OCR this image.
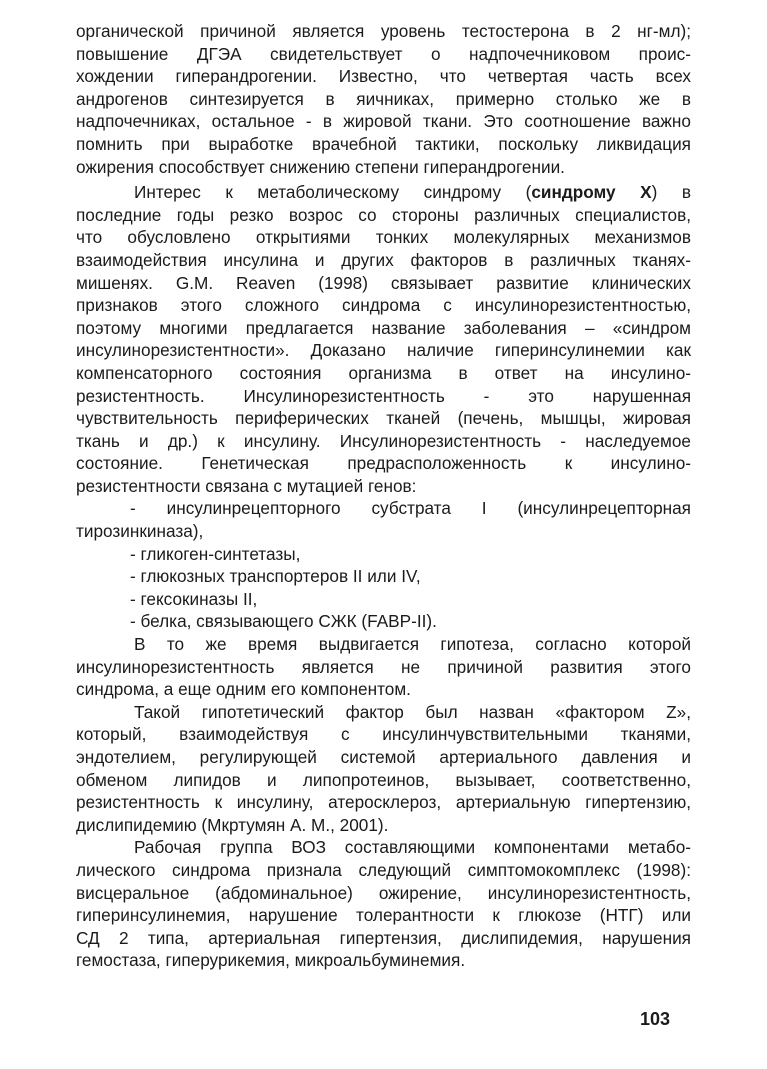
органической причиной является уровень тестостерона в 2 нг-мл);
повышение ДГЭА свидетельствует о надпочечниковом проис-
хождении гиперандрогении. Известно, что четвертая часть всех
андрогенов синтезируется в яичниках, примерно столько же в
надпочечниках, остальное - в жировой ткани. Это соотношение важно
помнить при выработке врачебной тактики, поскольку ликвидация
ожирения способствует снижению степени гиперандрогении.
Интерес к метаболическому синдрому (синдрому Х) в
последние годы резко возрос со стороны различных специалистов,
что обусловлено открытиями тонких молекулярных механизмов
взаимодействия инсулина и других факторов в различных тканях-
мишенях. G.M. Reaven (1998) связывает развитие клинических
признаков этого сложного синдрома с инсулинорезистентностью,
поэтому многими предлагается название заболевания – «синдром
инсулинорезистентности». Доказано наличие гиперинсулинемии как
компенсаторного состояния организма в ответ на инсулино-
резистентность. Инсулинорезистентность - это нарушенная
чувствительность периферических тканей (печень, мышцы, жировая
ткань и др.) к инсулину. Инсулинорезистентность - наследуемое
состояние. Генетическая предрасположенность к инсулино-
резистентности связана с мутацией генов:
- инсулинрецепторного субстрата I (инсулинрецепторная
тирозинкиназа),
- гликоген-синтетазы,
- глюкозных транспортеров II или IV,
- гексокиназы II,
- белка, связывающего СЖК (FABP-II).
В то же время выдвигается гипотеза, согласно которой
инсулинорезистентность является не причиной развития этого
синдрома, а еще одним его компонентом.
Такой гипотетический фактор был назван «фактором Z»,
который, взаимодействуя с инсулинчувствительными тканями,
эндотелием, регулирующей системой артериального давления и
обменом липидов и липопротеинов, вызывает, соответственно,
резистентность к инсулину, атеросклероз, артериальную гипертензию,
дислипидемию (Мкртумян А. М., 2001).
Рабочая группа ВОЗ составляющими компонентами метабо-
лического синдрома признала следующий симптомокомплекс (1998):
висцеральное (абдоминальное) ожирение, инсулинорезистентность,
гиперинсулинемия, нарушение толерантности к глюкозе (НТГ) или
СД 2 типа, артериальная гипертензия, дислипидемия, нарушения
гемостаза, гиперурикемия, микроальбуминемия.
103
